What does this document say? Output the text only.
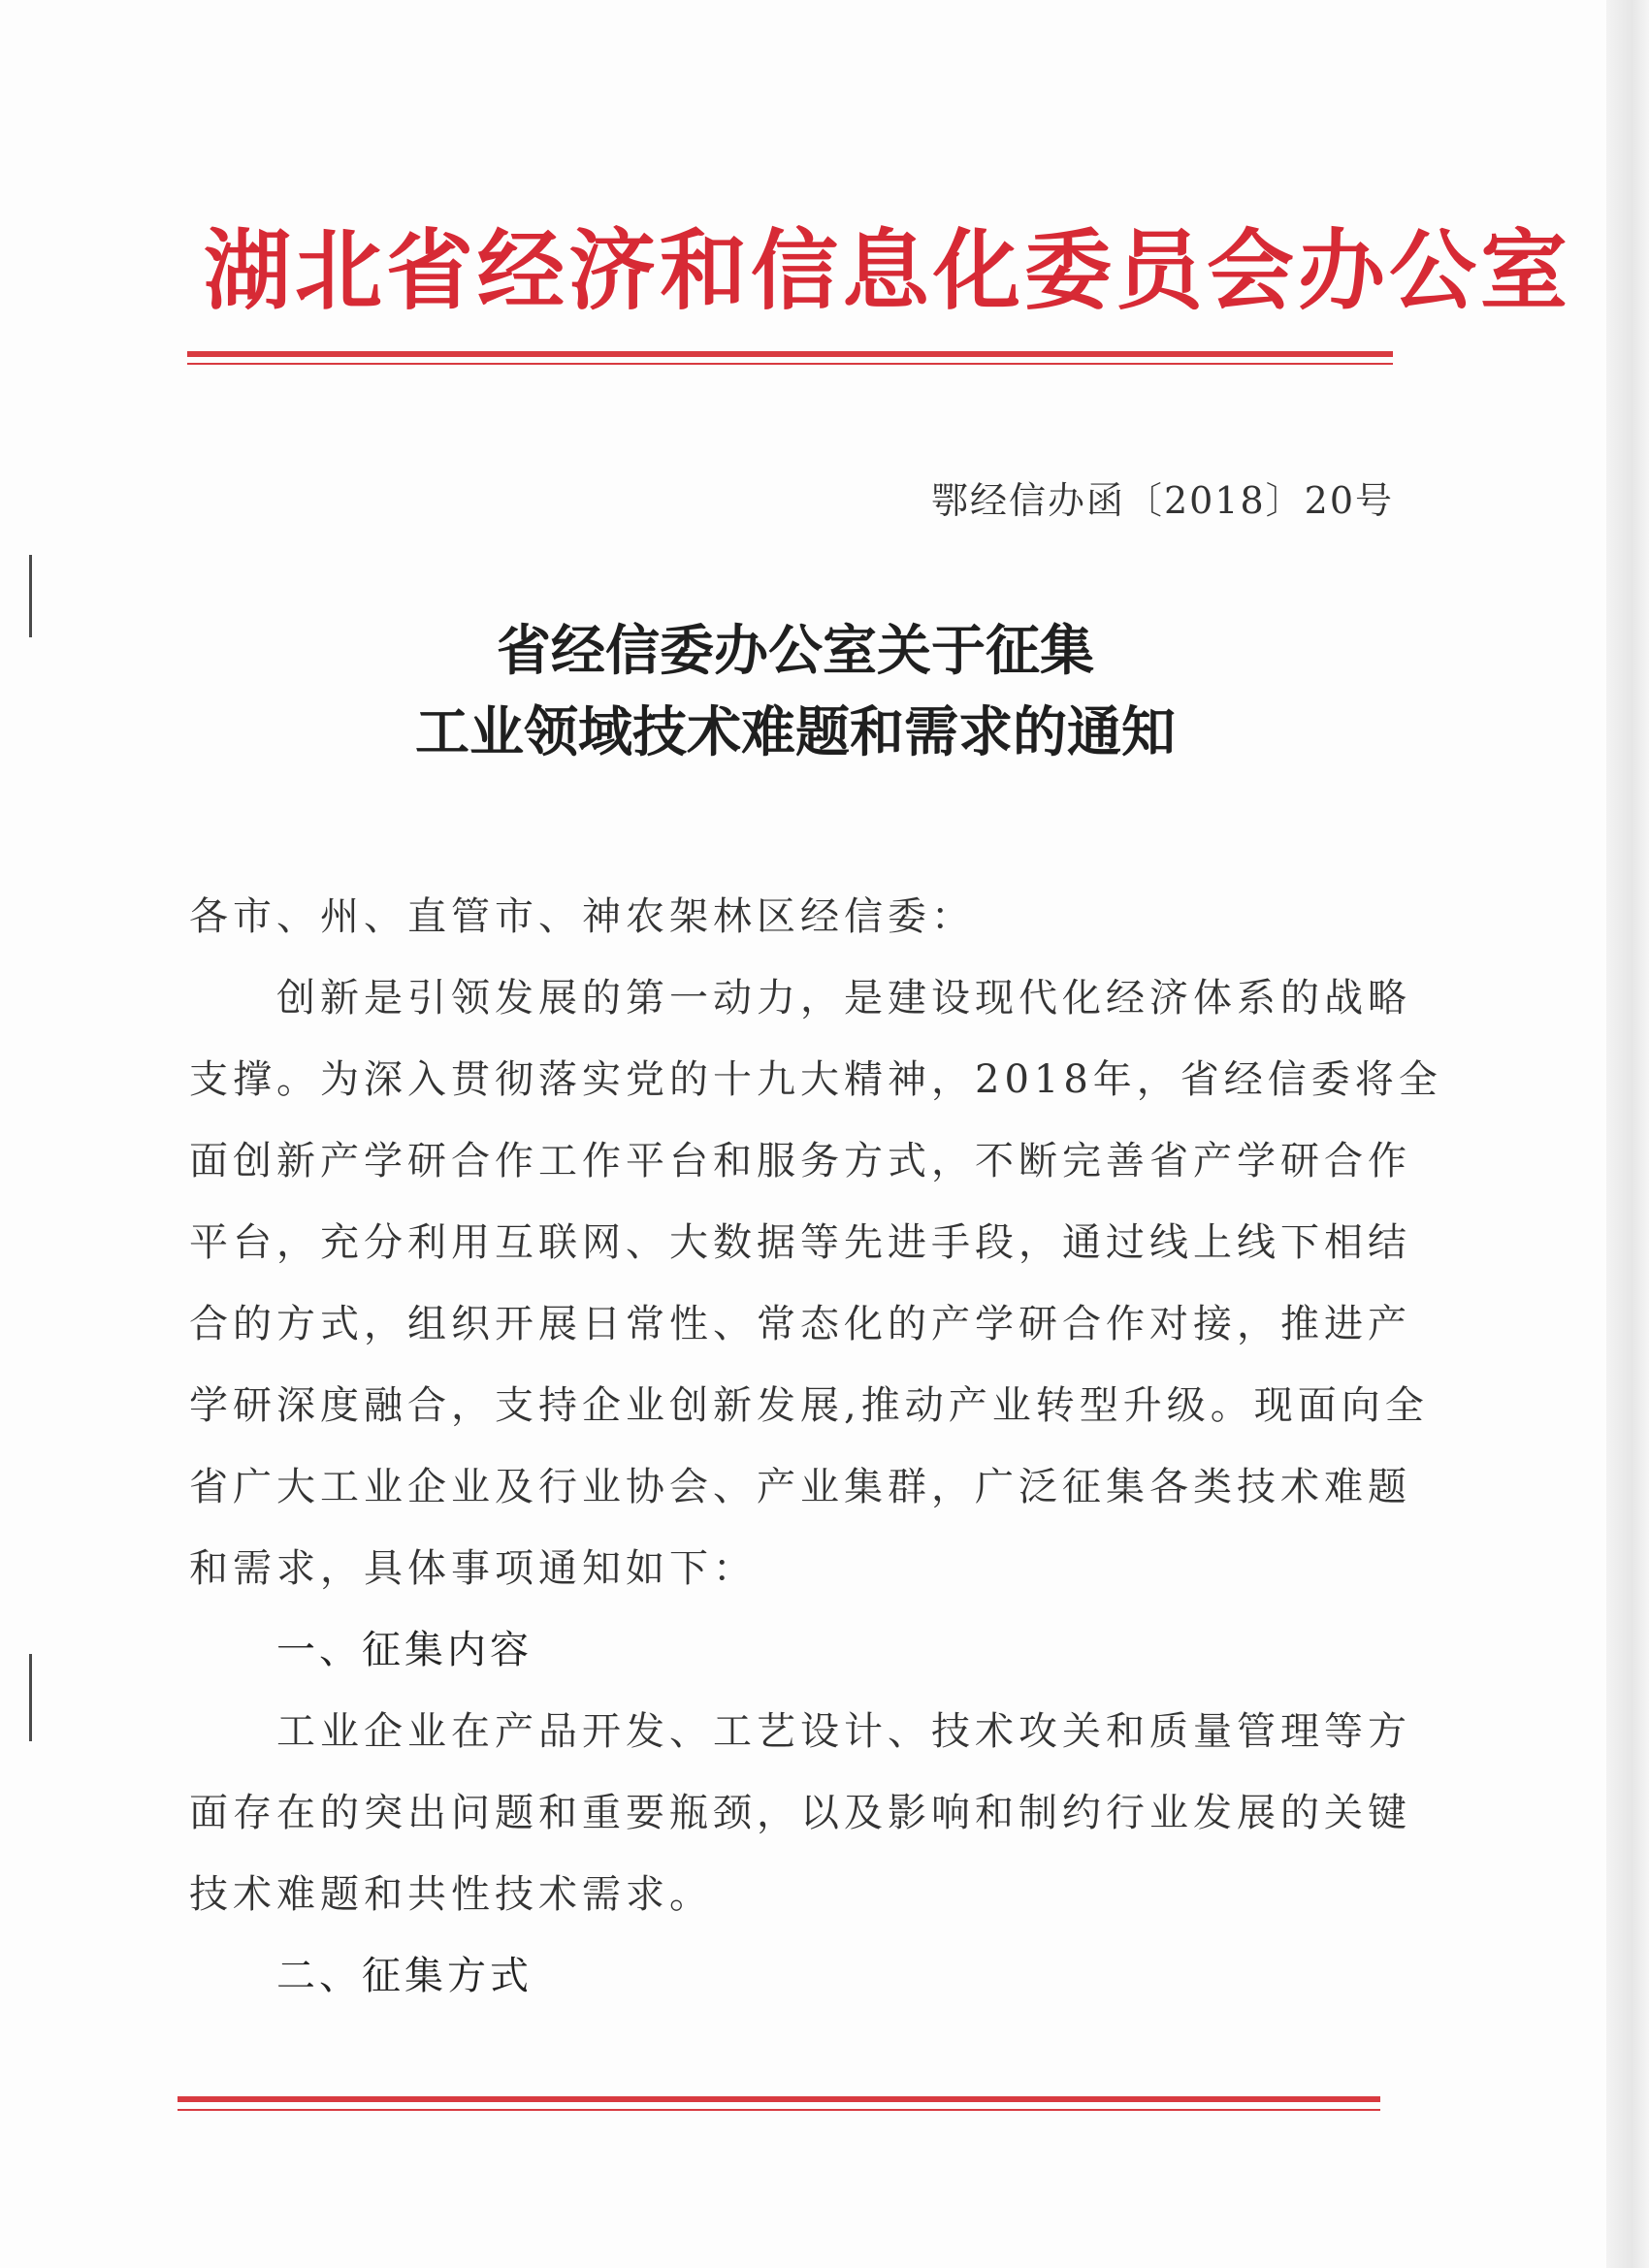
湖北省经济和信息化委员会办公室
鄂经信办函〔2018〕20号
省经信委办公室关于征集
工业领域技术难题和需求的通知
各市、州、直管市、神农架林区经信委：
创新是引领发展的第一动力，是建设现代化经济体系的战略
支撑。为深入贯彻落实党的十九大精神，2018年，省经信委将全
面创新产学研合作工作平台和服务方式，不断完善省产学研合作
平台，充分利用互联网、大数据等先进手段，通过线上线下相结
合的方式，组织开展日常性、常态化的产学研合作对接，推进产
学研深度融合，支持企业创新发展,推动产业转型升级。现面向全
省广大工业企业及行业协会、产业集群，广泛征集各类技术难题
和需求，具体事项通知如下：
一、征集内容
工业企业在产品开发、工艺设计、技术攻关和质量管理等方
面存在的突出问题和重要瓶颈，以及影响和制约行业发展的关键
技术难题和共性技术需求。
二、征集方式
